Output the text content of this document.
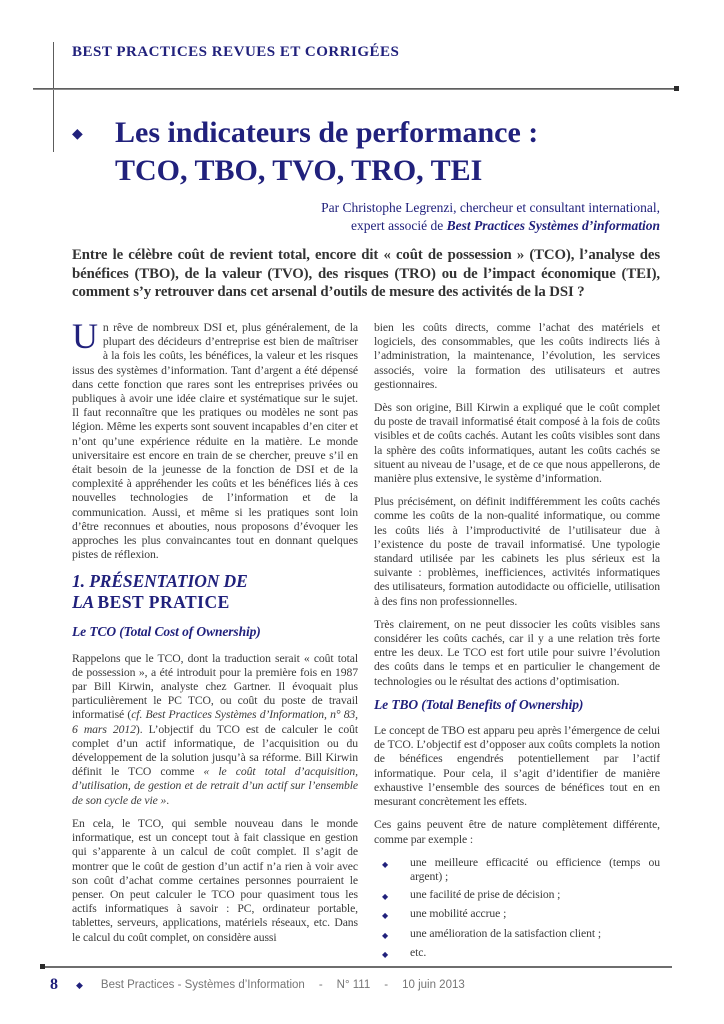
BEST PRACTICES REVUES ET CORRIGÉES
◆	Les indicateurs de performance :
TCO, TBO, TVO, TRO, TEI
Par Christophe Legrenzi, chercheur et consultant international,
expert associé de Best Practices Systèmes d’information
Entre le célèbre coût de revient total, encore dit « coût de possession » (TCO), l’analyse des bénéfices (TBO), de la valeur (TVO), des risques (TRO) ou de l’impact économique (TEI), comment s’y retrouver dans cet arsenal d’outils de mesure des activités de la DSI ?

Un rêve de nombreux DSI et, plus généralement, de la plupart des décideurs d’entreprise est bien de maîtriser à la fois les coûts, les bénéfices, la valeur et les risques issus des systèmes d’information. Tant d’argent a été dépensé dans cette fonction que rares sont les entreprises privées ou publiques à avoir une idée claire et systématique sur le sujet. Il faut reconnaître que les pratiques ou modèles ne sont pas légion. Même les experts sont souvent incapables d’en citer et n’ont qu’une expérience réduite en la matière. Le monde universitaire est encore en train de se chercher, preuve s’il en était besoin de la jeunesse de la fonction de DSI et de la complexité à appréhender les coûts et les bénéfices liés à ces nouvelles technologies de l’information et de la communication. Aussi, et même si les pratiques sont loin d’être reconnues et abouties, nous proposons d’évoquer les approches les plus convaincantes tout en donnant quelques pistes de réflexion.

1. PRÉSENTATION DE
LA BEST PRATICE
Le TCO (Total Cost of Ownership)

Rappelons que le TCO, dont la traduction serait « coût total de possession », a été introduit pour la première fois en 1987 par Bill Kirwin, analyste chez Gartner. Il évoquait plus particulièrement le PC TCO, ou coût du poste de travail informatisé (cf. Best Practices Systèmes d’Information, n° 83, 6 mars 2012). L’objectif du TCO est de calculer le coût complet d’un actif informatique, de l’acquisition ou du développement de la solution jusqu’à sa réforme. Bill Kirwin définit le TCO comme « le coût total d’acquisition, d’utilisation, de gestion et de retrait d’un actif sur l’ensemble de son cycle de vie ».

En cela, le TCO, qui semble nouveau dans le monde informatique, est un concept tout à fait classique en gestion qui s’apparente à un calcul de coût complet. Il s’agit de montrer que le coût de gestion d’un actif n’a rien à voir avec son coût d’achat comme certaines personnes pourraient le penser. On peut calculer le TCO pour quasiment tous les actifs informatiques à savoir : PC, ordinateur portable, tablettes, serveurs, applications, matériels réseaux, etc. Dans le calcul du coût complet, on considère aussi

bien les coûts directs, comme l’achat des matériels et logiciels, des consommables, que les coûts indirects liés à l’administration, la maintenance, l’évolution, les services associés, voire la formation des utilisateurs et autres gestionnaires.

Dès son origine, Bill Kirwin a expliqué que le coût complet du poste de travail informatisé était composé à la fois de coûts visibles et de coûts cachés. Autant les coûts visibles sont dans la sphère des coûts informatiques, autant les coûts cachés se situent au niveau de l’usage, et de ce que nous appellerons, de manière plus extensive, le système d’information.

Plus précisément, on définit indifféremment les coûts cachés comme les coûts de la non-qualité informatique, ou comme les coûts liés à l’improductivité de l’utilisateur due à l’existence du poste de travail informatisé. Une typologie standard utilisée par les cabinets les plus sérieux est la suivante : problèmes, inefficiences, activités informatiques des utilisateurs, formation autodidacte ou officielle, utilisation à des fins non professionnelles.

Très clairement, on ne peut dissocier les coûts visibles sans considérer les coûts cachés, car il y a une relation très forte entre les deux. Le TCO est fort utile pour suivre l’évolution des coûts dans le temps et en particulier le changement de technologies ou le résultat des actions d’optimisation.

Le TBO (Total Benefits of Ownership)

Le concept de TBO est apparu peu après l’émergence de celui de TCO. L’objectif est d’opposer aux coûts complets la notion de bénéfices engendrés potentiellement par l’actif informatique. Pour cela, il s’agit d’identifier de manière exhaustive l’ensemble des sources de bénéfices tout en en mesurant concrètement les effets.

Ces gains peuvent être de nature complètement différente, comme par exemple :

◆	une meilleure efficacité ou efficience (temps ou argent) ;
◆	une facilité de prise de décision ;
◆	une mobilité accrue ;
◆	une amélioration de la satisfaction client ;
◆	etc.
8 ◆ Best Practices - Systèmes d’Information - N° 111 - 10 juin 2013
